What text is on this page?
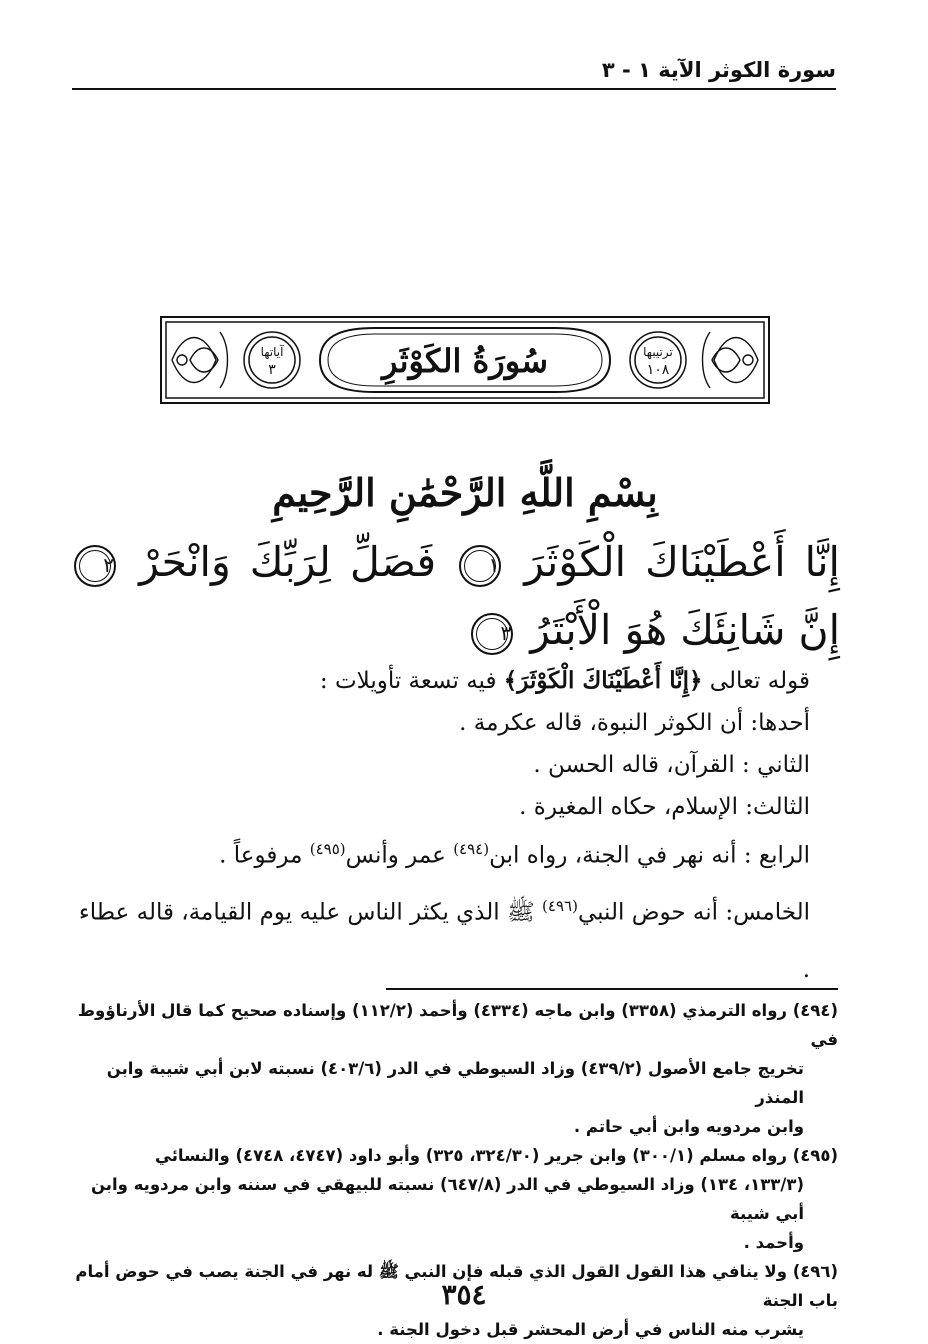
سورة الكوثر الآية ١ - ٣
سُورَةُ الكَوْثَرِ
آياتها
٣
ترتيبها
١٠٨
بِسْمِ اللَّهِ الرَّحْمَٰنِ الرَّحِيمِ
إِنَّا أَعْطَيْنَاكَ الْكَوْثَرَ ١ فَصَلِّ لِرَبِّكَ وَانْحَرْ ٢ إِنَّ شَانِئَكَ هُوَ الْأَبْتَرُ ٣

قوله تعالى ﴿إِنَّا أَعْطَيْنَاكَ الْكَوْثَرَ﴾ فيه تسعة تأويلات :

أحدها: أن الكوثر النبوة، قاله عكرمة .

الثاني : القرآن، قاله الحسن .

الثالث: الإسلام، حكاه المغيرة .

الرابع : أنه نهر في الجنة، رواه ابن$^{(٤٩٤)}$ عمر وأنس$^{(٤٩٥)}$ مرفوعاً .

الخامس: أنه حوض النبي$^{(٤٩٦)}$ ﷺ الذي يكثر الناس عليه يوم القيامة، قاله عطاء .

(٤٩٤) رواه الترمذي (٣٣٥٨) وابن ماجه (٤٣٣٤) وأحمد (١١٢/٢) وإسناده صحيح كما قال الأرناؤوط في
تخريج جامع الأصول (٤٣٩/٢) وزاد السيوطي في الدر (٤٠٣/٦) نسبته لابن أبي شيبة وابن المنذر
وابن مردويه وابن أبي حاتم .
(٤٩٥) رواه مسلم (٣٠٠/١) وابن جرير (٣٢٤/٣٠، ٣٢٥) وأبو داود (٤٧٤٧، ٤٧٤٨) والنسائي
(١٣٣/٣، ١٣٤) وزاد السيوطي في الدر (٦٤٧/٨) نسبته للبيهقي في سننه وابن مردويه وابن أبي شيبة
وأحمد .
(٤٩٦) ولا ينافي هذا القول القول الذي قبله فإن النبي ﷺ له نهر في الجنة يصب في حوض أمام باب الجنة
يشرب منه الناس في أرض المحشر قبل دخول الجنة .
٣٥٤
